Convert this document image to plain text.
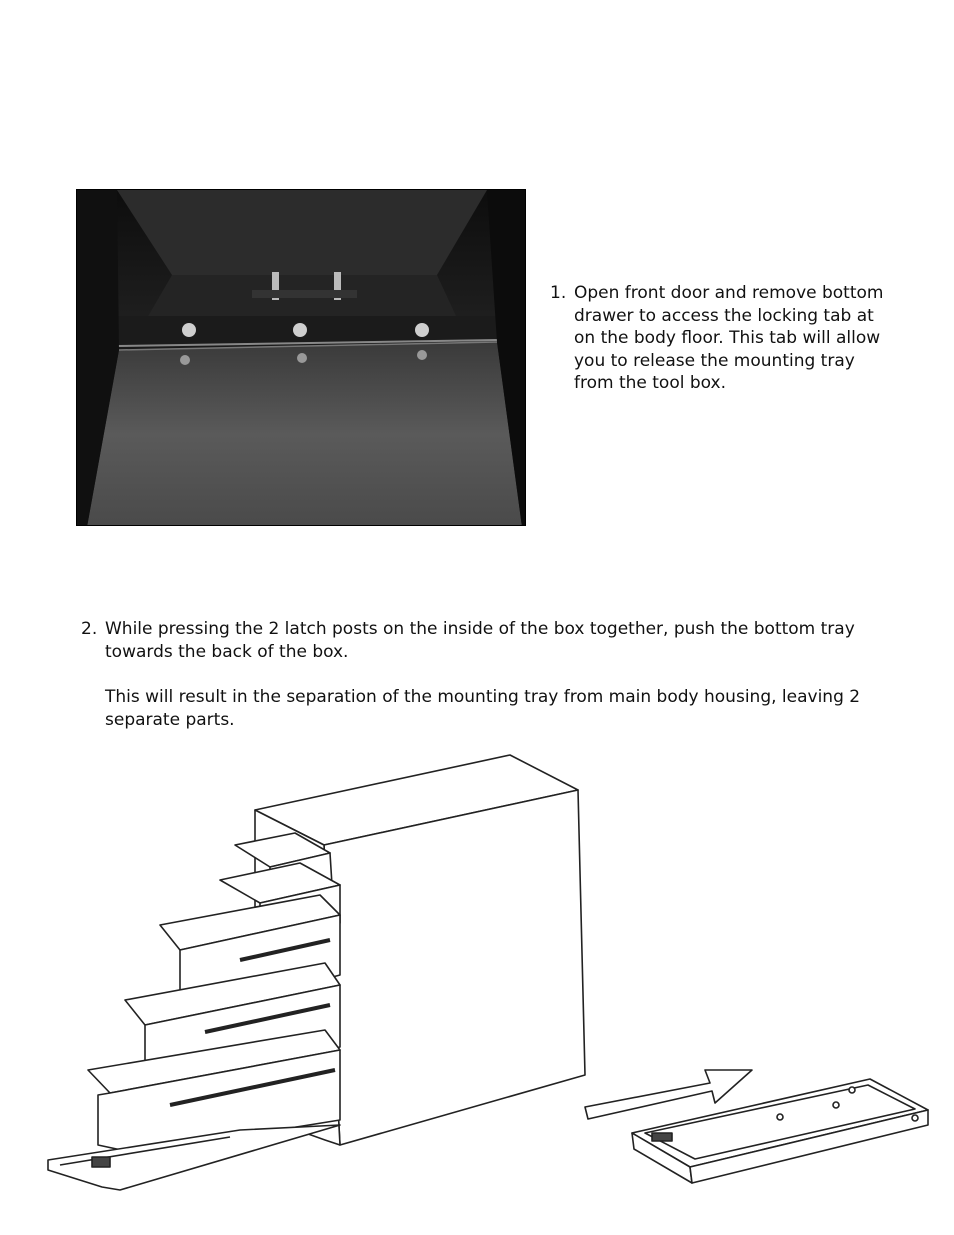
1. Open front door and remove bottom drawer to access the locking tab at on the body floor. This tab will allow you to release the mounting tray from the tool box.

2. While pressing the 2 latch posts on the inside of the box together, push the bottom tray towards the back of the box.
This will result in the separation of the mounting tray from main body housing, leaving 2 separate parts.
